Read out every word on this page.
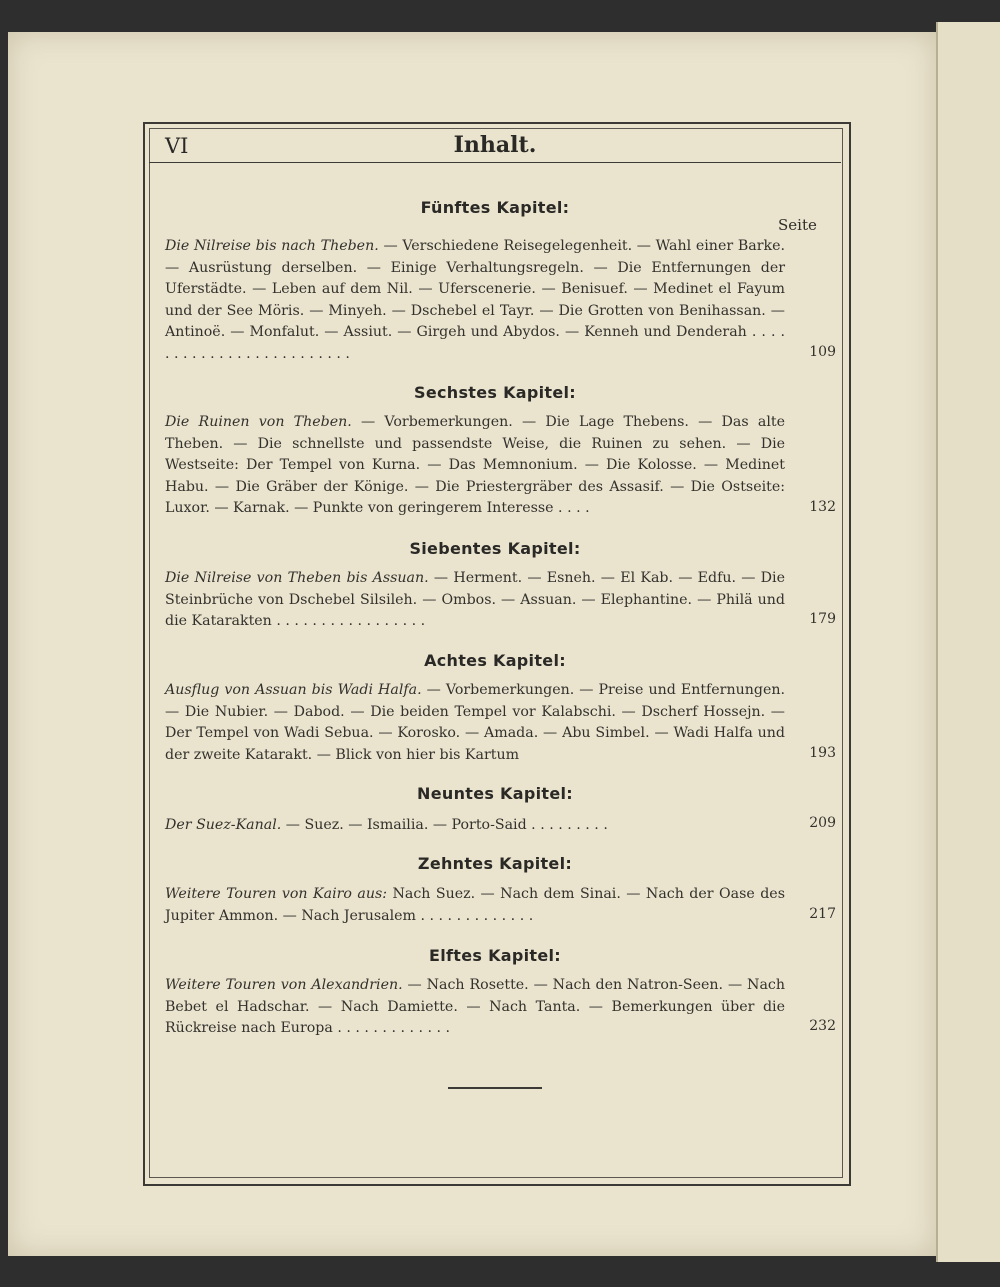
VI	Inhalt.
Seite
Fünftes Kapitel:
Die Nilreise bis nach Theben. — Verschiedene Reisegelegenheit. — Wahl einer Barke. — Ausrüstung derselben. — Einige Verhaltungsregeln. — Die Entfernungen der Uferstädte. — Leben auf dem Nil. — Uferscenerie. — Benisuef. — Medinet el Fayum und der See Möris. — Minyeh. — Dschebel el Tayr. — Die Grotten von Benihassan. — Antinoë. — Monfalut. — Assiut. — Girgeh und Abydos. — Kenneh und Denderah . . . . . . . . . . . . . . . . . . . . . . . . .	109
Sechstes Kapitel:
Die Ruinen von Theben. — Vorbemerkungen. — Die Lage Thebens. — Das alte Theben. — Die schnellste und passendste Weise, die Ruinen zu sehen. — Die Westseite: Der Tempel von Kurna. — Das Memnonium. — Die Kolosse. — Medinet Habu. — Die Gräber der Könige. — Die Priestergräber des Assasif. — Die Ostseite: Luxor. — Karnak. — Punkte von geringerem Interesse . . . .	132
Siebentes Kapitel:
Die Nilreise von Theben bis Assuan. — Herment. — Esneh. — El Kab. — Edfu. — Die Steinbrüche von Dschebel Silsileh. — Ombos. — Assuan. — Elephantine. — Philä und die Katarakten . . . . . . . . . . . . . . . . .	179
Achtes Kapitel:
Ausflug von Assuan bis Wadi Halfa. — Vorbemerkungen. — Preise und Entfernungen. — Die Nubier. — Dabod. — Die beiden Tempel vor Kalabschi. — Dscherf Hossejn. — Der Tempel von Wadi Sebua. — Korosko. — Amada. — Abu Simbel. — Wadi Halfa und der zweite Katarakt. — Blick von hier bis Kartum	193
Neuntes Kapitel:
Der Suez-Kanal. — Suez. — Ismailia. — Porto-Said . . . . . . . . .	209
Zehntes Kapitel:
Weitere Touren von Kairo aus: Nach Suez. — Nach dem Sinai. — Nach der Oase des Jupiter Ammon. — Nach Jerusalem . . . . . . . . . . . . .	217
Elftes Kapitel:
Weitere Touren von Alexandrien. — Nach Rosette. — Nach den Natron-Seen. — Nach Bebet el Hadschar. — Nach Damiette. — Nach Tanta. — Bemerkungen über die Rückreise nach Europa . . . . . . . . . . . . .	232
